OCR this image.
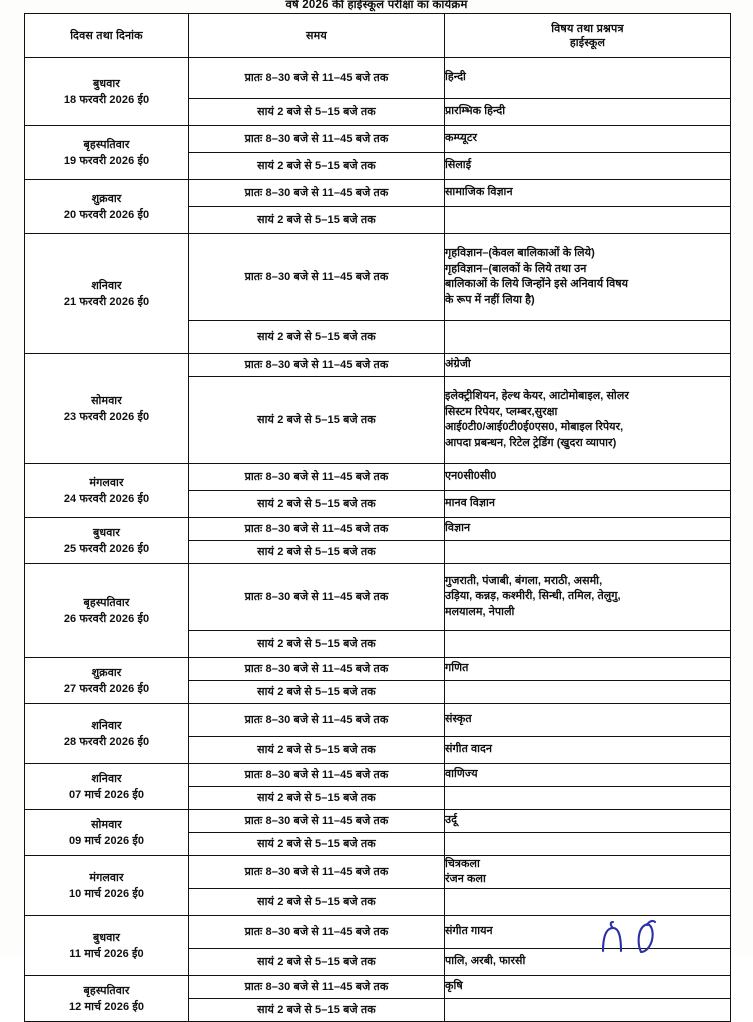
वर्ष 2026 की हाईस्कूल परीक्षा का कार्यक्रम
दिवस तथा दिनांक	समय	विषय तथा प्रश्नपत्र
हाईस्कूल

बुधवार
18 फरवरी 2026 ई0	प्रातः 8–30 बजे से 11–45 बजे तक	हिन्दी

	सायं 2 बजे से 5–15 बजे तक	प्रारम्भिक हिन्दी

बृहस्पतिवार
19 फरवरी 2026 ई0	प्रातः 8–30 बजे से 11–45 बजे तक	कम्प्यूटर

	सायं 2 बजे से 5–15 बजे तक	सिलाई

शुक्रवार
20 फरवरी 2026 ई0	प्रातः 8–30 बजे से 11–45 बजे तक	सामाजिक विज्ञान

	सायं 2 बजे से 5–15 बजे तक	

शनिवार
21 फरवरी 2026 ई0	प्रातः 8–30 बजे से 11–45 बजे तक	गृहविज्ञान–(केवल बालिकाओं के लिये)
गृहविज्ञान–(बालकों के लिये तथा उन
बालिकाओं के लिये जिन्होंने इसे अनिवार्य विषय
के रूप में नहीं लिया है)

	सायं 2 बजे से 5–15 बजे तक	

सोमवार
23 फरवरी 2026 ई0	प्रातः 8–30 बजे से 11–45 बजे तक	अंग्रेजी

	सायं 2 बजे से 5–15 बजे तक	इलेक्ट्रीशियन, हेल्थ केयर, आटोमोबाइल, सोलर
सिस्टम रिपेयर, प्लम्बर,सुरक्षा
आई0टी0/आई0टी0ई0एस0, मोबाइल रिपेयर,
आपदा प्रबन्धन, रिटेल ट्रेडिंग (खुदरा व्यापार)

मंगलवार
24 फरवरी 2026 ई0	प्रातः 8–30 बजे से 11–45 बजे तक	एन0सी0सी0

	सायं 2 बजे से 5–15 बजे तक	मानव विज्ञान

बुधवार
25 फरवरी 2026 ई0	प्रातः 8–30 बजे से 11–45 बजे तक	विज्ञान

	सायं 2 बजे से 5–15 बजे तक	

बृहस्पतिवार
26 फरवरी 2026 ई0	प्रातः 8–30 बजे से 11–45 बजे तक	गुजराती, पंजाबी, बंगला, मराठी, असमी,
उड़िया, कन्नड़, कश्मीरी, सिन्धी, तमिल, तेलुगु,
मलयालम, नेपाली

	सायं 2 बजे से 5–15 बजे तक	

शुक्रवार
27 फरवरी 2026 ई0	प्रातः 8–30 बजे से 11–45 बजे तक	गणित

	सायं 2 बजे से 5–15 बजे तक	

शनिवार
28 फरवरी 2026 ई0	प्रातः 8–30 बजे से 11–45 बजे तक	संस्कृत

	सायं 2 बजे से 5–15 बजे तक	संगीत वादन

शनिवार
07 मार्च 2026 ई0	प्रातः 8–30 बजे से 11–45 बजे तक	वाणिज्य

	सायं 2 बजे से 5–15 बजे तक	

सोमवार
09 मार्च 2026 ई0	प्रातः 8–30 बजे से 11–45 बजे तक	उर्दू

	सायं 2 बजे से 5–15 बजे तक	

मंगलवार
10 मार्च 2026 ई0	प्रातः 8–30 बजे से 11–45 बजे तक	चित्रकला
रंजन कला

	सायं 2 बजे से 5–15 बजे तक	

बुधवार
11 मार्च 2026 ई0	प्रातः 8–30 बजे से 11–45 बजे तक	संगीत गायन

	सायं 2 बजे से 5–15 बजे तक	पालि, अरबी, फारसी

बृहस्पतिवार
12 मार्च 2026 ई0	प्रातः 8–30 बजे से 11–45 बजे तक	कृषि

	सायं 2 बजे से 5–15 बजे तक	
